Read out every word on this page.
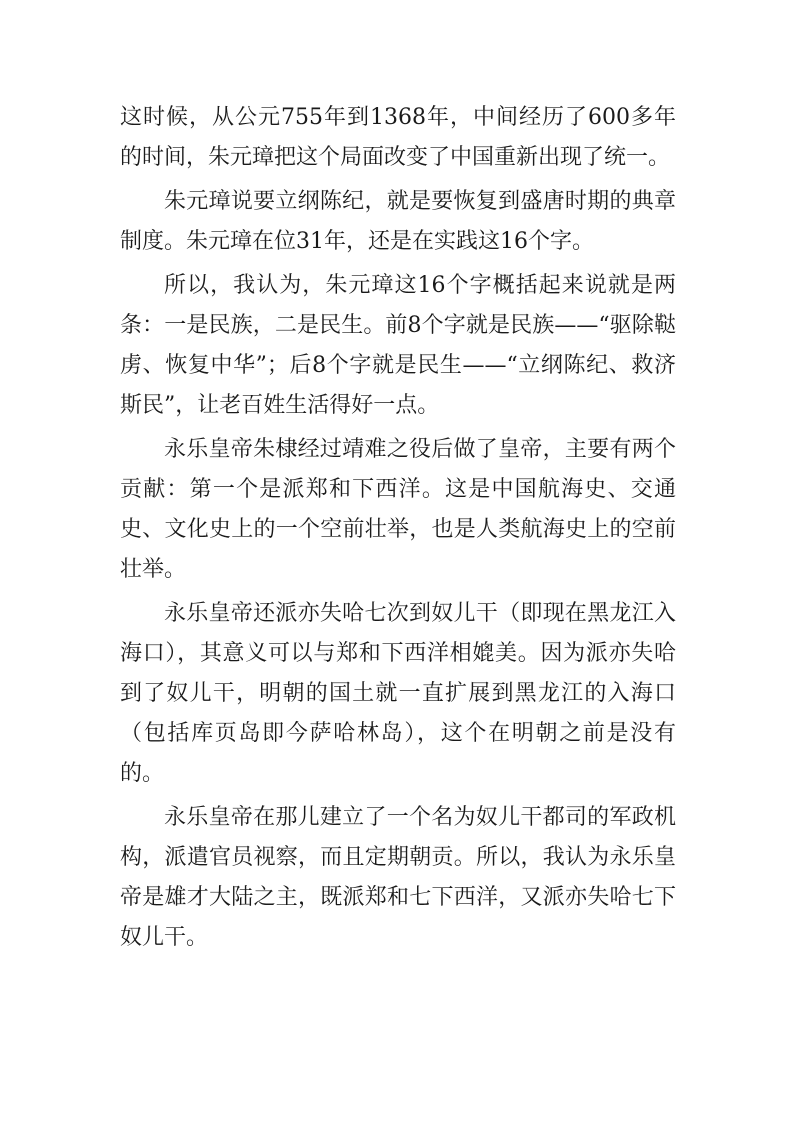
这时候，从公元755年到1368年，中间经历了600多年的时间，朱元璋把这个局面改变了中国重新出现了统一。

朱元璋说要立纲陈纪，就是要恢复到盛唐时期的典章制度。朱元璋在位31年，还是在实践这16个字。

所以，我认为，朱元璋这16个字概括起来说就是两条：一是民族，二是民生。前8个字就是民族——“驱除鞑虏、恢复中华”；后8个字就是民生——“立纲陈纪、救济斯民”，让老百姓生活得好一点。

永乐皇帝朱棣经过靖难之役后做了皇帝，主要有两个贡献：第一个是派郑和下西洋。这是中国航海史、交通史、文化史上的一个空前壮举，也是人类航海史上的空前壮举。

永乐皇帝还派亦失哈七次到奴儿干（即现在黑龙江入海口），其意义可以与郑和下西洋相媲美。因为派亦失哈到了奴儿干，明朝的国土就一直扩展到黑龙江的入海口（包括库页岛即今萨哈林岛），这个在明朝之前是没有的。

永乐皇帝在那儿建立了一个名为奴儿干都司的军政机构，派遣官员视察，而且定期朝贡。所以，我认为永乐皇帝是雄才大陆之主，既派郑和七下西洋，又派亦失哈七下奴儿干。
